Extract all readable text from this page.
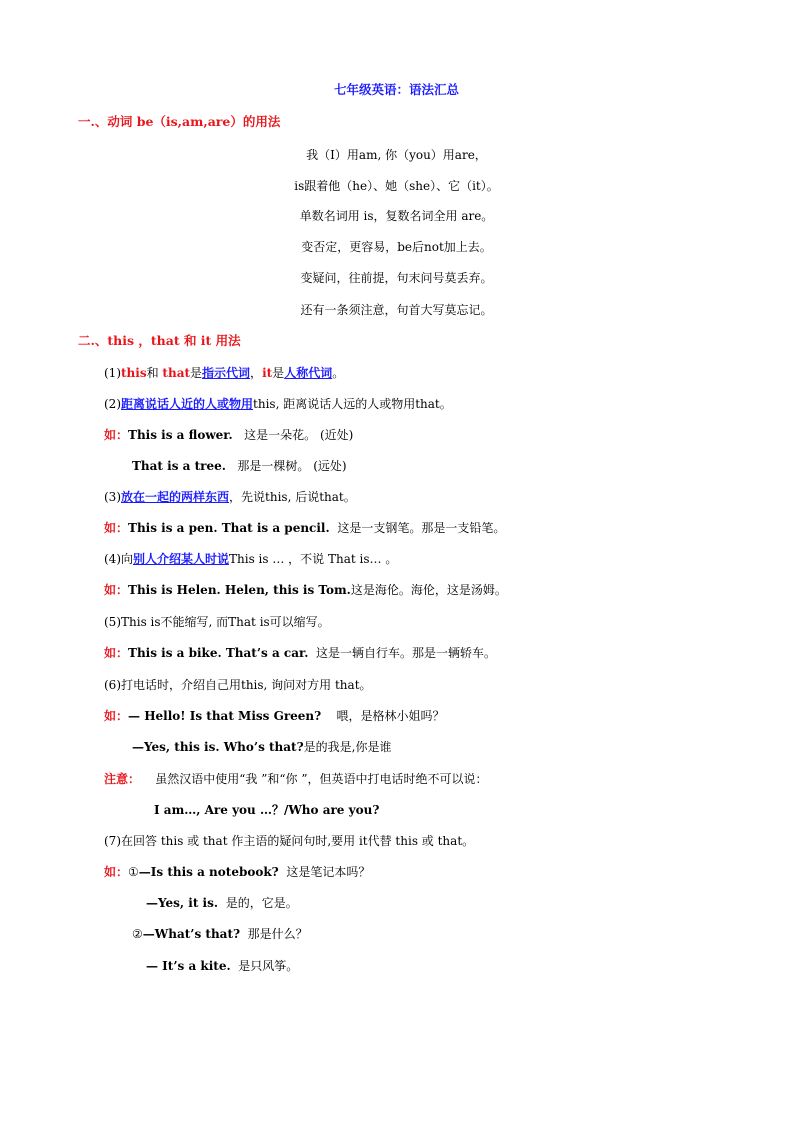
七年级英语：语法汇总
一.、动词 be（is,am,are）的用法
我（I）用am, 你（you）用are，
is跟着他（he）、她（she）、它（it）。
单数名词用 is，复数名词全用 are。
变否定，更容易，be后not加上去。
变疑问，往前提，句末问号莫丢弃。
还有一条须注意，句首大写莫忘记。
二.、this ，that 和 it 用法
(1)this和 that是指示代词，it是人称代词。
(2)距离说话人近的人或物用this, 距离说话人远的人或物用that。
如：This is a flower. 这是一朵花。 (近处)
That is a tree. 那是一棵树。 (远处)
(3)放在一起的两样东西，先说this, 后说that。
如：This is a pen. That is a pencil. 这是一支钢笔。那是一支铅笔。
(4)向别人介绍某人时说This is … ，不说 That is… 。
如：This is Helen. Helen, this is Tom.这是海伦。海伦，这是汤姆。
(5)This is不能缩写, 而That is可以缩写。
如：This is a bike. That’s a car. 这是一辆自行车。那是一辆轿车。
(6)打电话时，介绍自己用this, 询问对方用 that。
如：— Hello! Is that Miss Green? 喂，是格林小姐吗？
—Yes, this is. Who’s that?是的我是,你是谁
注意： 虽然汉语中使用“我 ”和“你 ”，但英语中打电话时绝不可以说：
I am…, Are you …？/Who are you?
(7)在回答 this 或 that 作主语的疑问句时,要用 it代替 this 或 that。
如：①—Is this a notebook? 这是笔记本吗？
—Yes, it is. 是的，它是。
②—What’s that? 那是什么？
— It’s a kite. 是只风筝。
